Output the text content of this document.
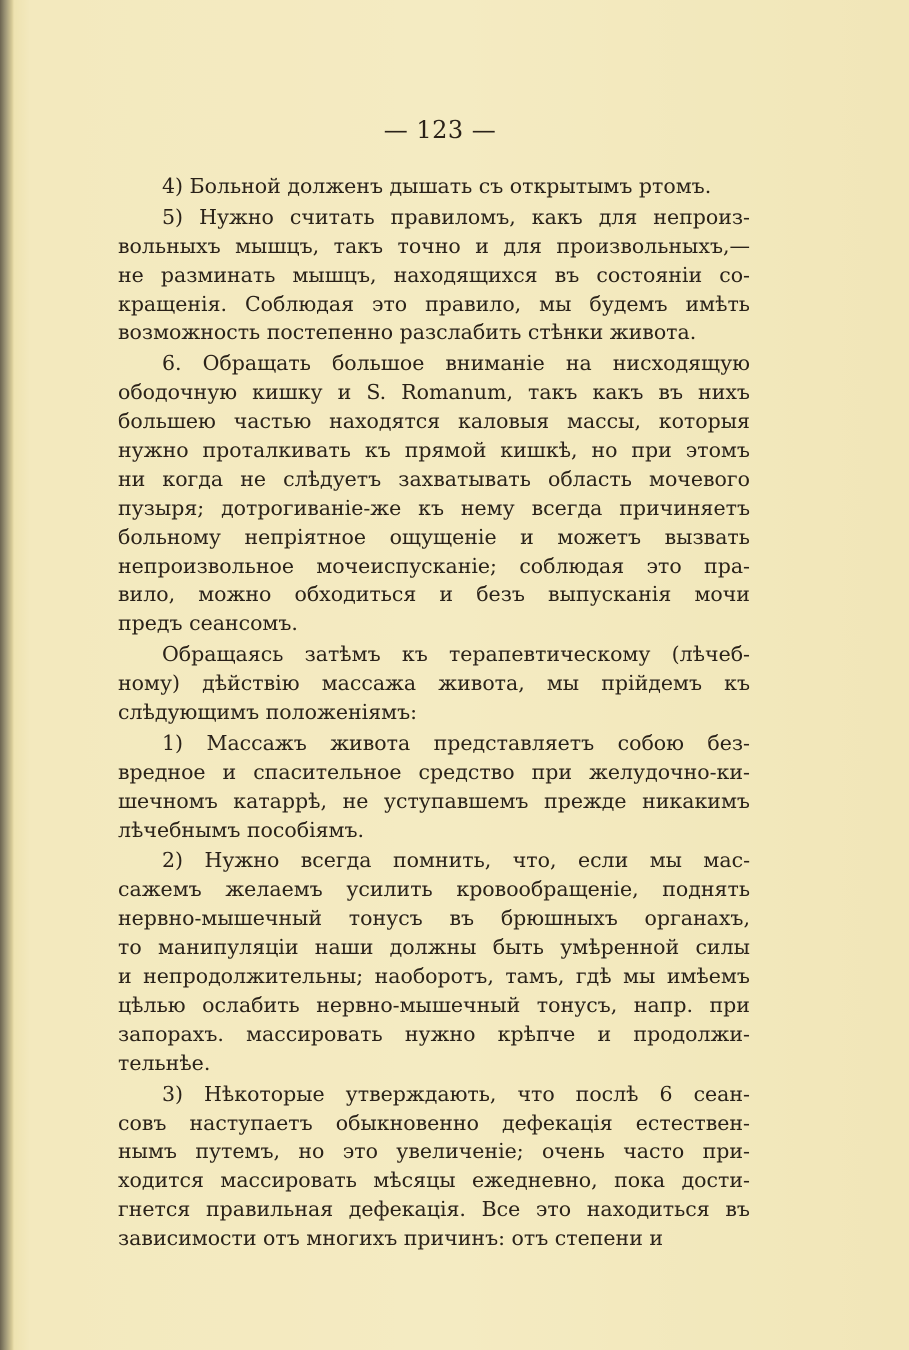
— 123 —
4) Больной долженъ дышать съ открытымъ ртомъ.
5) Нужно считать правиломъ, какъ для непроиз-
вольныхъ мышцъ, такъ точно и для произвольныхъ,—
не разминать мышцъ, находящихся въ состоянiи со-
кращенiя. Соблюдая это правило, мы будемъ имѣть
возможность постепенно разслабить стѣнки живота.
6. Обращать большое вниманiе на нисходящую
ободочную кишку и S. Romanum, такъ какъ въ нихъ
большею частью находятся каловыя массы, которыя
нужно проталкивать къ прямой кишкѣ, но при этомъ
ни когда не слѣдуетъ захватывать область мочевого
пузыря; дотрогиванiе-же къ нему всегда причиняетъ
больному непрiятное ощущенiе и можетъ вызвать
непроизвольное мочеиспусканiе; соблюдая это пра-
вило, можно обходиться и безъ выпусканiя мочи
предъ сеансомъ.
Обращаясь затѣмъ къ терапевтическому (лѣчеб-
ному) дѣйствiю массажа живота, мы прiйдемъ къ
слѣдующимъ положенiямъ:
1) Массажъ живота представляетъ собою без-
вредное и спасительное средство при желудочно-ки-
шечномъ катаррѣ, не уступавшемъ прежде никакимъ
лѣчебнымъ пособiямъ.
2) Нужно всегда помнить, что, если мы мас-
сажемъ желаемъ усилить кровообращенiе, поднять
нервно-мышечный тонусъ въ брюшныхъ органахъ,
то манипуляцiи наши должны быть умѣренной силы
и непродолжительны; наоборотъ, тамъ, гдѣ мы имѣемъ
цѣлью ослабить нервно-мышечный тонусъ, напр. при
запорахъ. массировать нужно крѣпче и продолжи-
тельнѣе.
3) Нѣкоторые утверждають, что послѣ 6 сеан-
совъ наступаетъ обыкновенно дефекацiя естествен-
нымъ путемъ, но это увеличенiе; очень часто при-
ходится массировать мѣсяцы ежедневно, пока дости-
гнется правильная дефекацiя. Все это находиться въ
зависимости отъ многихъ причинъ: отъ степени и
